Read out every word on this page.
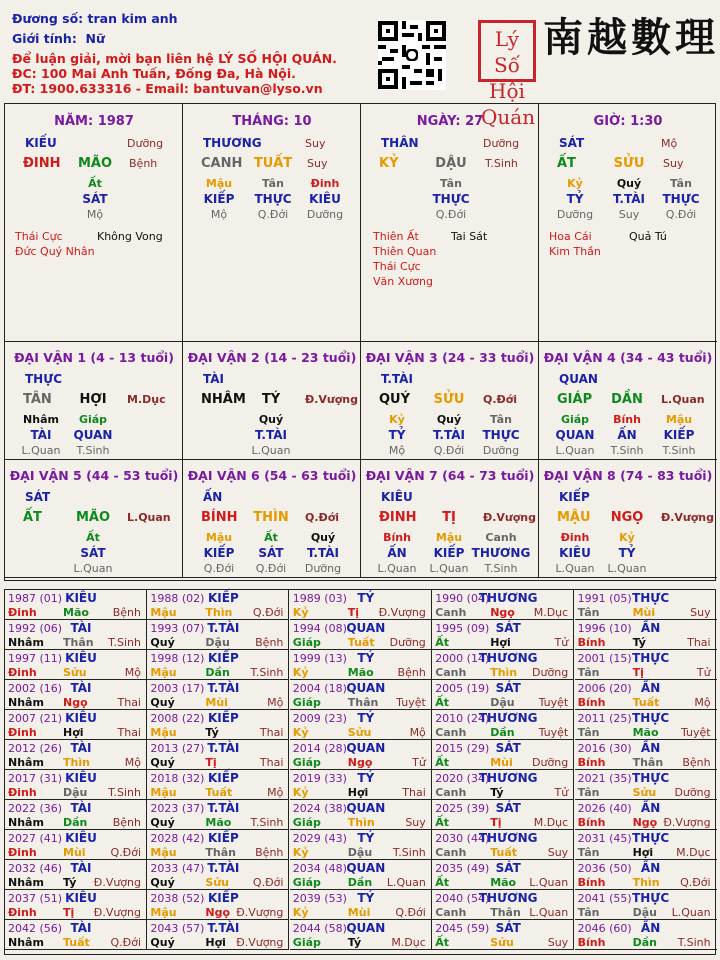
Đương số: tran kim anh
Giới tính: Nữ
Để luận giải, mời bạn liên hệ LÝ SỐ HỘI QUÁN.
ĐC: 100 Mai Anh Tuấn, Đống Đa, Hà Nội.
ĐT: 1900.633316 - Email: bantuvan@lyso.vn
Lý Số Hội Quán
南越數理
NĂM: 1987
KIẾU	Dưỡng
ĐINH MÃO Bệnh
Ất
SÁT
Mộ
Thái Cực	Không Vong
Đức Quý Nhân
THÁNG: 10
THƯƠNG	Suy
CANH TUẤT Suy
Mậu	Tân Đinh
KIẾP THỰC KIÊU
Mộ	Q.Đới Dưỡng
NGÀY: 27
THÂN	Dưỡng
KỶ	DẬU T.Sinh
Tân
THỰC
Q.Đới
Thiên Ất	Tai Sát
Thiên Quan
Thái Cực
Văn Xương
GIỜ: 1:30
SÁT	Mộ
ẤT	SỬU Suy
Kỷ	Quý	Tân
TỶ T.TÀI THỰC
Dưỡng Suy Q.Đới
Hoa Cái	Quả Tú
Kim Thần
ĐẠI VẬN 1 (4 - 13 tuổi)
THỰC
TÂN HỢI M.Dục
Nhâm Giáp
TÀI QUAN
L.Quan T.Sinh
ĐẠI VẬN 2 (14 - 23 tuổi)
TÀI
NHÂM TÝ Đ.Vượng
Quý
T.TÀI
L.Quan
ĐẠI VẬN 3 (24 - 33 tuổi)
T.TÀI
QUÝ SỬU Q.Đới
Kỷ	Quý	Tân
TỶ T.TÀI THỰC
Mộ	Q.Đới Dưỡng
ĐẠI VẬN 4 (34 - 43 tuổi)
QUAN
GIÁP DẦN L.Quan
Giáp Bính Mậu
QUAN ẤN KIẾP
L.Quan T.Sinh T.Sinh
ĐẠI VẬN 5 (44 - 53 tuổi)
SÁT
ẤT	MÃO L.Quan
Ất
SÁT
L.Quan
ĐẠI VẬN 6 (54 - 63 tuổi)
ẤN
BÍNH THÌN Q.Đới
Mậu	Ất	Quý
KIẾP SÁT T.TÀI
Q.Đới Q.Đới Dưỡng
ĐẠI VẬN 7 (64 - 73 tuổi)
KIÊU
ĐINH TỊ Đ.Vượng
Bính Mậu Canh
ẤN KIẾP THƯƠNG
L.Quan L.Quan T.Sinh
ĐẠI VẬN 8 (74 - 83 tuổi)
KIẾP
MẬU NGỌ Đ.Vượng
Đinh	Kỷ
KIÊU TỶ
L.Quan L.Quan
1987 (01) KIÊU
Đinh Mão Bệnh
1988 (02) KIẾP
Mậu	Thìn Q.Đới
1989 (03) TỶ
Kỷ	Tị Đ.Vượng
1990 (04)
THƯƠNG
Canh Ngọ M.Dục
1991 (05) THỰC
Tân	Mùi	Suy
1992 (06) TÀI
Nhâm Thân T.Sinh
1993 (07) T.TÀI
Quý	Dậu Bệnh
1994 (08) QUAN
Giáp Tuất Dưỡng
1995 (09) SÁT
Ất	Hợi	Tử
1996 (10) ẤN
Bính Tý	Thai
1997 (11) KIÊU
Đinh Sửu	Mộ
1998 (12) KIẾP
Mậu	Dần T.Sinh
1999 (13) TỶ
Kỷ	Mão Bệnh
2000 (14)
THƯƠNG
Canh Thìn Dưỡng
2001 (15) THỰC
Tân	Tị	Tử
2002 (16) TÀI
Nhâm Ngọ	Thai
2003 (17) T.TÀI
Quý	Mùi	Mộ
2004 (18) QUAN
Giáp Thân Tuyệt
2005 (19) SÁT
Ất	Dậu Tuyệt
2006 (20) ẤN
Bính Tuất	Mộ
2007 (21) KIÊU
Đinh Hợi	Thai
2008 (22) KIẾP
Mậu	Tý	Thai
2009 (23) TỶ
Kỷ	Sửu	Mộ
2010 (24)
THƯƠNG
Canh Dần Tuyệt
2011 (25) THỰC
Tân	Mão Tuyệt
2012 (26) TÀI
Nhâm Thìn	Mộ
2013 (27) T.TÀI
Quý	Tị	Thai
2014 (28) QUAN
Giáp Ngọ	Tử
2015 (29) SÁT
Ất	Mùi Dưỡng
2016 (30) ẤN
Bính Thân Bệnh
2017 (31) KIÊU
Đinh Dậu T.Sinh
2018 (32) KIẾP
Mậu	Tuất	Mộ
2019 (33) TỶ
Kỷ	Hợi	Thai
2020 (34)
THƯƠNG
Canh Tý	Tử
2021 (35) THỰC
Tân	Sửu Dưỡng
2022 (36) TÀI
Nhâm Dần Bệnh
2023 (37) T.TÀI
Quý	Mão T.Sinh
2024 (38) QUAN
Giáp Thìn	Suy
2025 (39) SÁT
Ất	Tị	M.Dục
2026 (40) ẤN
Bính Ngọ Đ.Vượng
2027 (41) KIÊU
Đinh Mùi Q.Đới
2028 (42) KIẾP
Mậu	Thân Bệnh
2029 (43) TỶ
Kỷ	Dậu T.Sinh
2030 (44)
THƯƠNG
Canh Tuất	Suy
2031 (45) THỰC
Tân	Hợi M.Dục
2032 (46) TÀI
Nhâm Tý Đ.Vượng
2033 (47) T.TÀI
Quý	Sửu Q.Đới
2034 (48) QUAN
Giáp Dần L.Quan
2035 (49) SÁT
Ất	Mão L.Quan
2036 (50) ẤN
Bính Thìn Q.Đới
2037 (51) KIÊU
Đinh Tị Đ.Vượng
2038 (52) KIẾP
Mậu	Ngọ Đ.Vượng
2039 (53) TỶ
Kỷ	Mùi Q.Đới
2040 (54)
THƯƠNG
Canh Thân L.Quan
2041 (55) THỰC
Tân	Dậu L.Quan
2042 (56) TÀI
Nhâm Tuất Q.Đới
2043 (57) T.TÀI
Quý	Hợi Đ.Vượng
2044 (58) QUAN
Giáp Tý	M.Dục
2045 (59) SÁT
Ất	Sửu	Suy
2046 (60) ẤN
Bính Dần T.Sinh
